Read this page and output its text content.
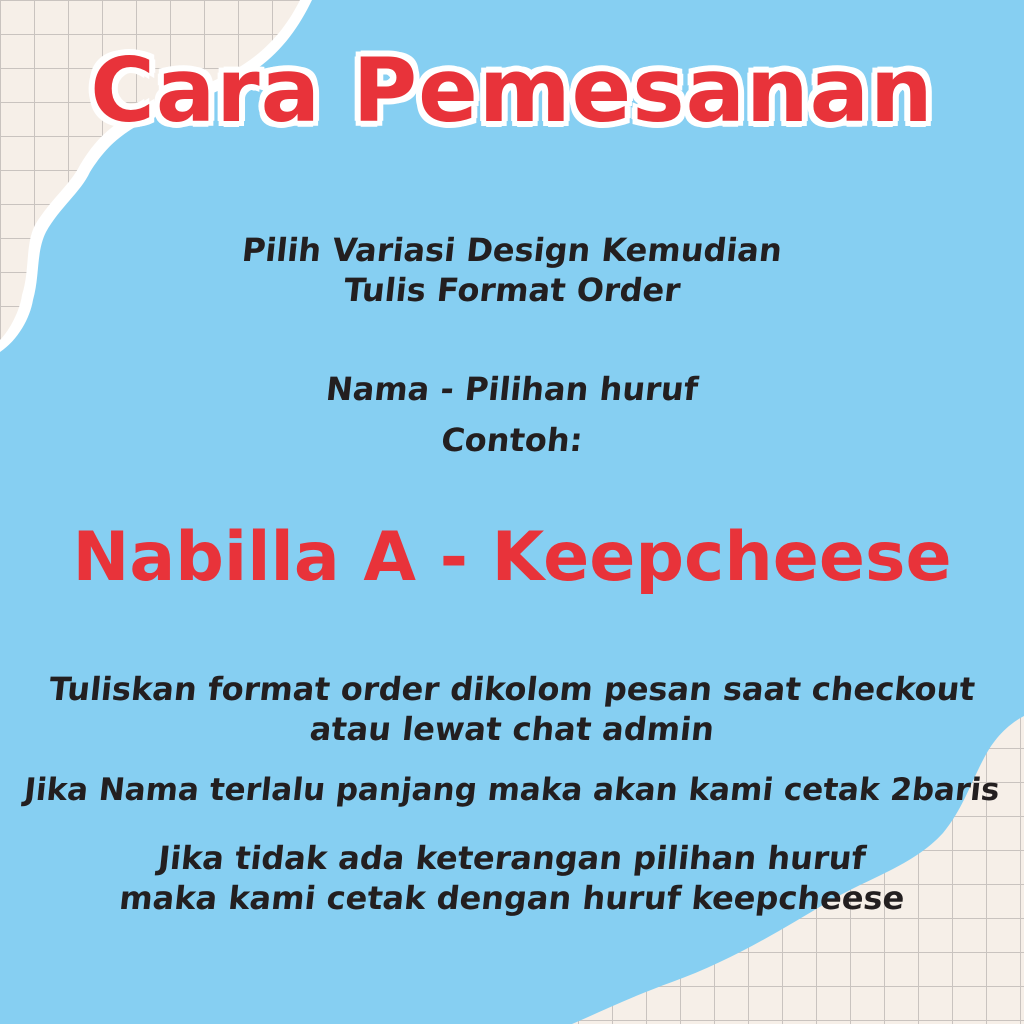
Cara Pemesanan
Pilih Variasi Design Kemudian
Tulis Format Order
Nama - Pilihan huruf
Contoh:
Nabilla A - Keepcheese
Tuliskan format order dikolom pesan saat checkout
atau lewat chat admin
Jika Nama terlalu panjang maka akan kami cetak 2baris
Jika tidak ada keterangan pilihan huruf
maka kami cetak dengan huruf keepcheese
